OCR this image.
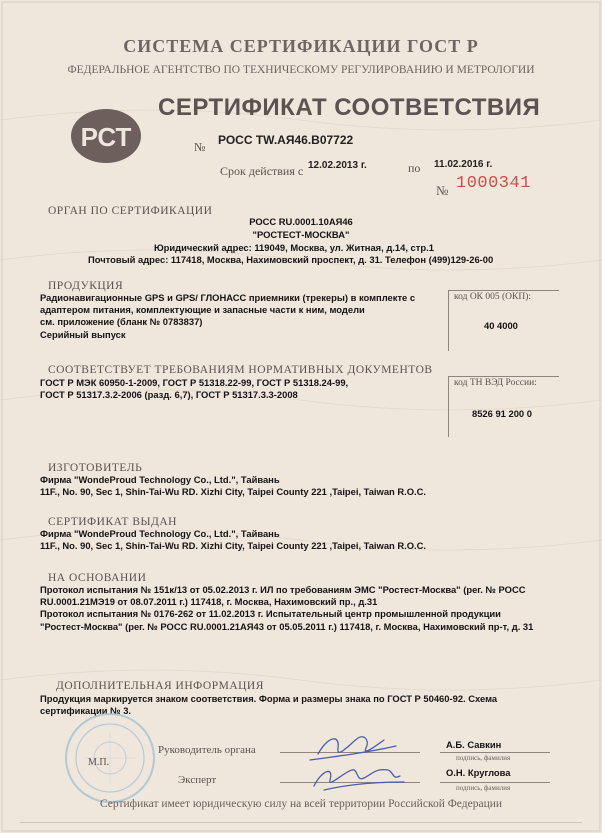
СИСТЕМА СЕРТИФИКАЦИИ ГОСТ Р
ФЕДЕРАЛЬНОЕ АГЕНТСТВО ПО ТЕХНИЧЕСКОМУ РЕГУЛИРОВАНИЮ И МЕТРОЛОГИИ
РСТ
СЕРТИФИКАТ СООТВЕТСТВИЯ
№ РОСС TW.АЯ46.В07722
Срок действия с 12.02.2013 г.	по 11.02.2016 г.
№ 1000341
ОРГАН ПО СЕРТИФИКАЦИИ
РОСС RU.0001.10АЯ46
"РОСТЕСТ-МОСКВА"
Юридический адрес: 119049, Москва, ул. Житная, д.14, стр.1
Почтовый адрес: 117418, Москва, Нахимовский проспект, д. 31. Телефон (499)129-26-00
ПРОДУКЦИЯ
Радионавигационные GPS и GPS/ ГЛОНАСС приемники (трекеры) в комплекте с
адаптером питания, комплектующие и запасные части к ним, модели
см. приложение (бланк № 0783837)
Серийный выпуск
код ОК 005 (ОКП):
40 4000
СООТВЕТСТВУЕТ ТРЕБОВАНИЯМ НОРМАТИВНЫХ ДОКУМЕНТОВ
ГОСТ Р МЭК 60950-1-2009, ГОСТ Р 51318.22-99, ГОСТ Р 51318.24-99,
ГОСТ Р 51317.3.2-2006 (разд. 6,7), ГОСТ Р 51317.3.3-2008
код ТН ВЭД России:
8526 91 200 0
ИЗГОТОВИТЕЛЬ
Фирма "WondeProud Technology Co., Ltd.", Тайвань
11F., No. 90, Sec 1, Shin-Tai-Wu RD. Xizhi City, Taipei County 221 ,Taipei, Taiwan R.O.C.
СЕРТИФИКАТ ВЫДАН
Фирма "WondeProud Technology Co., Ltd.", Тайвань
11F., No. 90, Sec 1, Shin-Tai-Wu RD. Xizhi City, Taipei County 221 ,Taipei, Taiwan R.O.C.
НА ОСНОВАНИИ
Протокол испытания № 151к/13 от 05.02.2013 г. ИЛ по требованиям ЭМС "Ростест-Москва" (рег. № РОСС
RU.0001.21МЭ19 от 08.07.2011 г.) 117418, г. Москва, Нахимовский пр., д.31
Протокол испытания № 0176-262 от 11.02.2013 г. Испытательный центр промышленной продукции
"Ростест-Москва" (рег. № РОСС RU.0001.21АЯ43 от 05.05.2011 г.) 117418, г. Москва, Нахимовский пр-т, д. 31
ДОПОЛНИТЕЛЬНАЯ ИНФОРМАЦИЯ
Продукция маркируется знаком соответствия. Форма и размеры знака по ГОСТ Р 50460-92. Схема
сертификации № 3.
М.П.
Руководитель органа	А.Б. Савкин
подпись, фамилия
Эксперт
О.Н. Круглова
подпись, фамилия
Сертификат имеет юридическую силу на всей территории Российской Федерации
